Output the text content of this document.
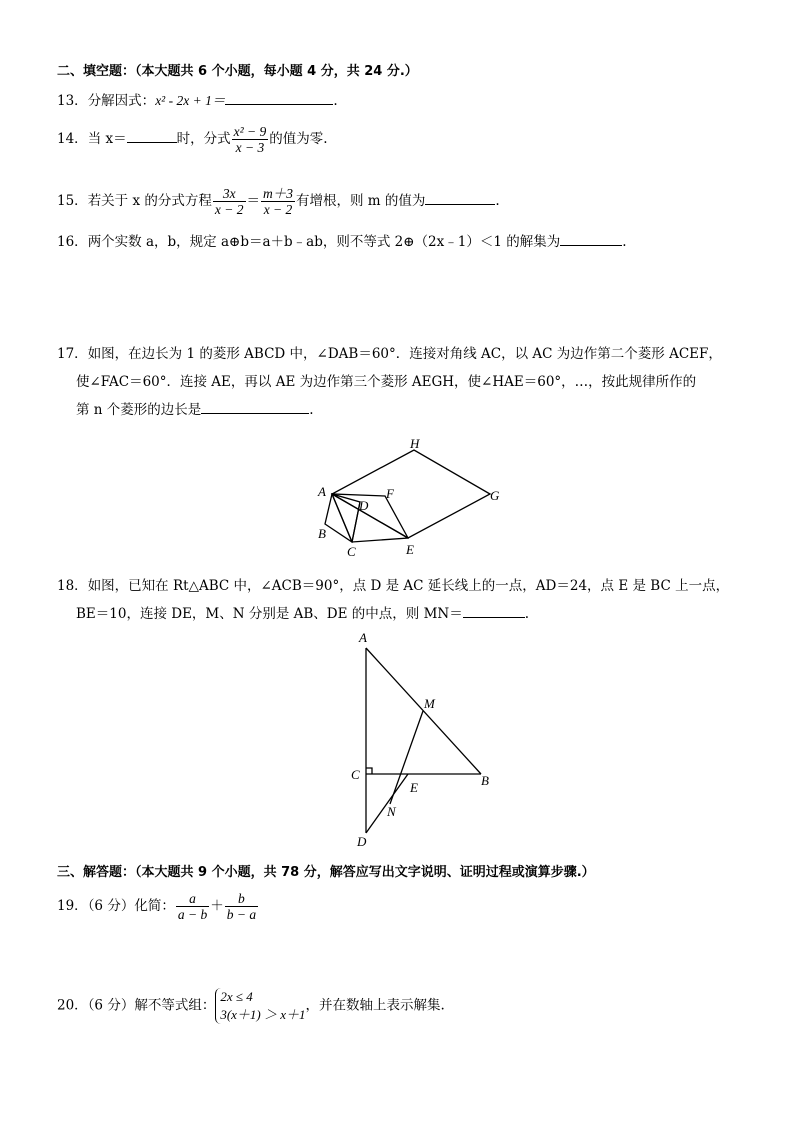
二、填空题：（本大题共 6 个小题，每小题 4 分，共 24 分.）
13．分解因式：x² - 2x + 1＝	.
14．当 x＝	时，分式 $\frac{\text{x² − 9}}{x - 3}$ 的值为零.
15．若关于 x 的分式方程 $\frac{3x}{x - 2} = \frac{m+3}{x - 2}$ 有增根，则 m 的值为	.
16．两个实数 a，b，规定 a⊕b＝a＋b﹣ab，则不等式 2⊕（2x﹣1）＜1 的解集为	.
17．如图，在边长为 1 的菱形 ABCD 中，∠DAB＝60°．连接对角线 AC，以 AC 为边作第二个菱形 ACEF，
使∠FAC＝60°．连接 AE，再以 AE 为边作第三个菱形 AEGH，使∠HAE＝60°，…，按此规律所作的
第 n 个菱形的边长是	.
A
B
C
D
E
F	G
H
18．如图，已知在 Rt△ABC 中，∠ACB＝90°，点 D 是 AC 延长线上的一点，AD＝24，点 E 是 BC 上一点，
BE＝10，连接 DE，M、N 分别是 AB、DE 的中点，则 MN＝	.
A
B
C
D
E
M
N
三、解答题：（本大题共 9 个小题，共 78 分，解答应写出文字说明、证明过程或演算步骤.）
19．（6 分）化简： $\frac{a}{a - b} + \frac{b}{b - a}$
20．（6 分）解不等式组：
2x ≤ 4
3(x＋1) ＞ x＋1
，并在数轴上表示解集.
